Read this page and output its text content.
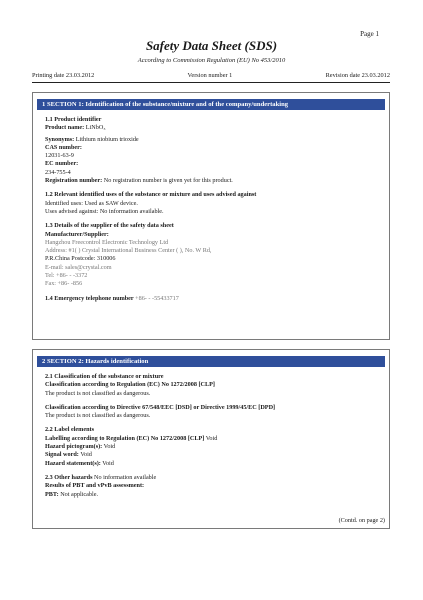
Page 1
Safety Data Sheet (SDS)
According to Commission Regulation (EU) No 453/2010
Printing date 23.03.2012	Version number 1	Revision date 23.03.2012
1 SECTION 1: Identification of the substance/mixture and of the company/undertaking
1.1 Product identifier
Product name: LiNbO₃
Synonyms: Lithium niobium trioxide
CAS number:
12031-63-9
EC number:
234-755-4
Registration number: No registration number is given yet for this product.
1.2 Relevant identified uses of the substance or mixture and uses advised against
Identified uses: Used as SAW device.
Uses advised against: No information available.
1.3 Details of the supplier of the safety data sheet
Manufacturer/Supplier:
Hangzhou Freecontrol Electronic Technology Ltd
Address: #1( ) Crystal International Business Center ( ), No. W Rd,
P.R.China Postcode: 310006
E-mail: sales@crystal.com
Tel: +86- - -3372
Fax: +86- -856
1.4 Emergency telephone number +86- - -55433717
2 SECTION 2: Hazards identification
2.1 Classification of the substance or mixture
Classification according to Regulation (EC) No 1272/2008 [CLP]
The product is not classified as dangerous.
Classification according to Directive 67/548/EEC [DSD] or Directive 1999/45/EC [DPD]
The product is not classified as dangerous.
2.2 Label elements
Labelling according to Regulation (EC) No 1272/2008 [CLP] Void
Hazard pictogram(s): Void
Signal word: Void
Hazard statement(s): Void
2.3 Other hazards No information available
Results of PBT and vPvB assessment:
PBT: Not applicable.
(Contd. on page 2)
